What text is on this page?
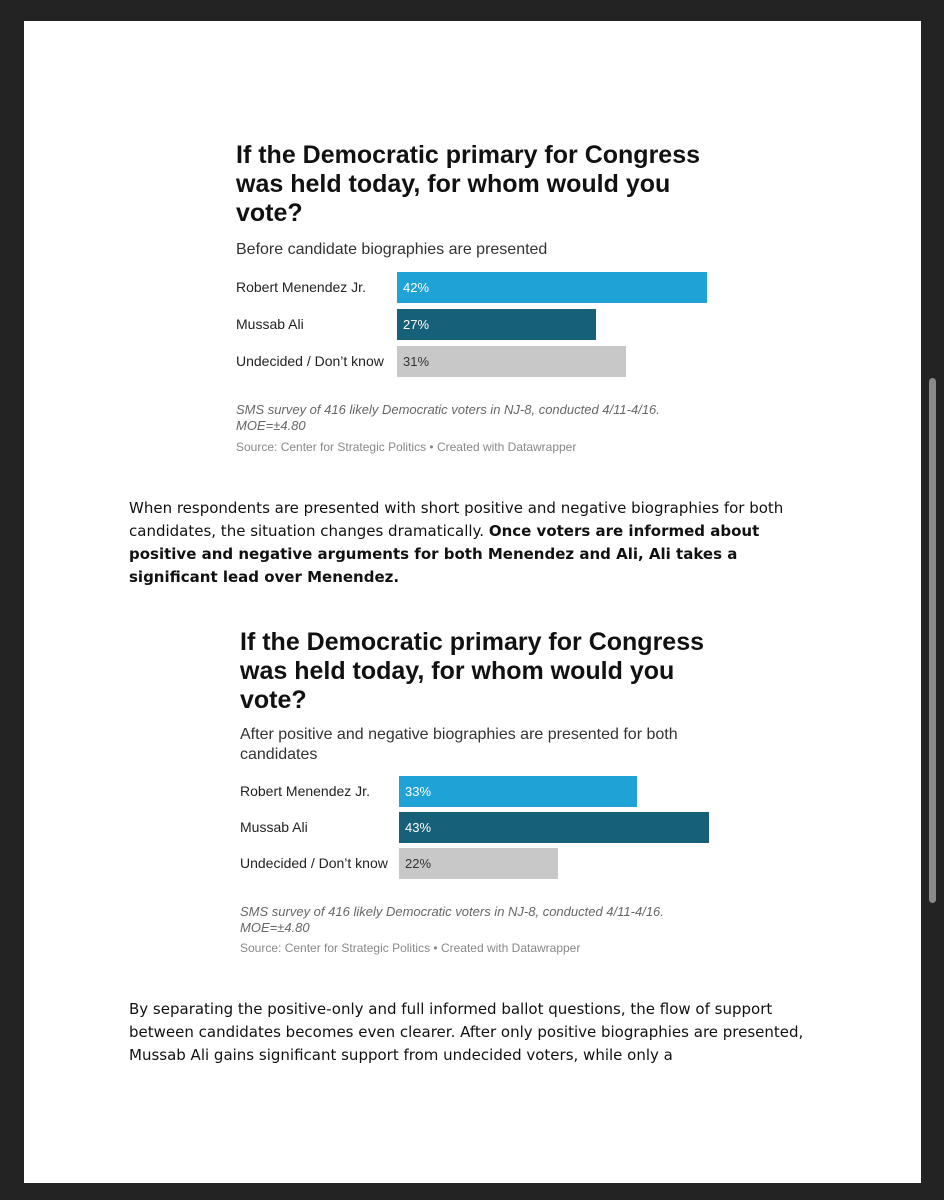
If the Democratic primary for Congress was held today, for whom would you vote?
Before candidate biographies are presented
Robert Menendez Jr.	42%
Mussab Ali	27%
Undecided / Don’t know	31%
SMS survey of 416 likely Democratic voters in NJ-8, conducted 4/11-4/16. MOE=±4.80
Source: Center for Strategic Politics • Created with Datawrapper

When respondents are presented with short positive and negative biographies for both candidates, the situation changes dramatically. Once voters are informed about positive and negative arguments for both Menendez and Ali, Ali takes a significant lead over Menendez.

If the Democratic primary for Congress was held today, for whom would you vote?
After positive and negative biographies are presented for both candidates
Robert Menendez Jr.	33%
Mussab Ali	43%
Undecided / Don’t know	22%
SMS survey of 416 likely Democratic voters in NJ-8, conducted 4/11-4/16. MOE=±4.80
Source: Center for Strategic Politics • Created with Datawrapper

By separating the positive-only and full informed ballot questions, the flow of support between candidates becomes even clearer. After only positive biographies are presented, Mussab Ali gains significant support from undecided voters, while only a
